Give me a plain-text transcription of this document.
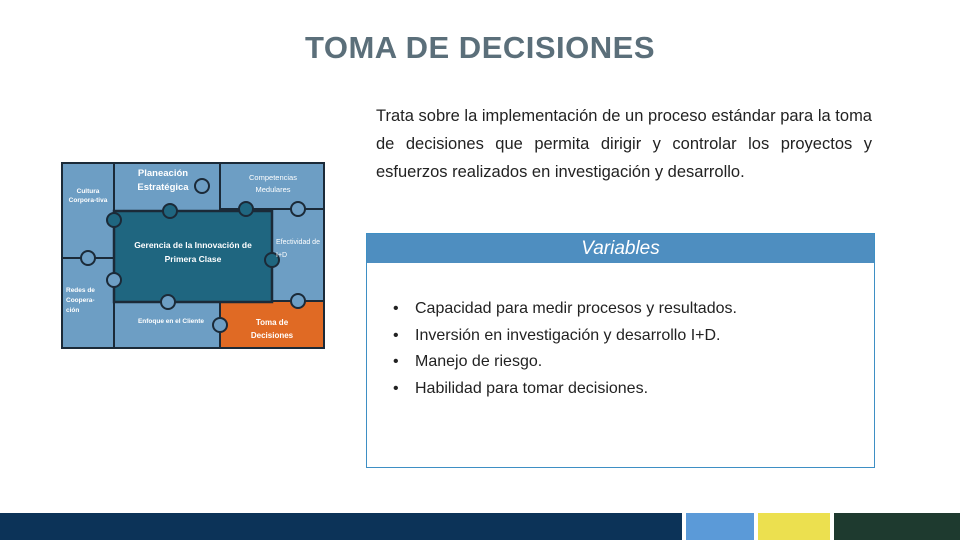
TOMA DE DECISIONES
Trata sobre la implementación de un proceso estándar para la toma de decisiones que permita dirigir y controlar los proyectos y esfuerzos realizados en investigación y desarrollo.
Cultura Corpora-tiva
Planeación Estratégica
Competencias Medulares
Gerencia de la Innovación de Primera Clase
Efectividad de I+D
Redes de Coopera-ción
Enfoque en el Cliente	Toma de Decisiones
Variables
• Capacidad para medir procesos y resultados.
• Inversión en investigación y desarrollo I+D.
• Manejo de riesgo.
• Habilidad para tomar decisiones.
